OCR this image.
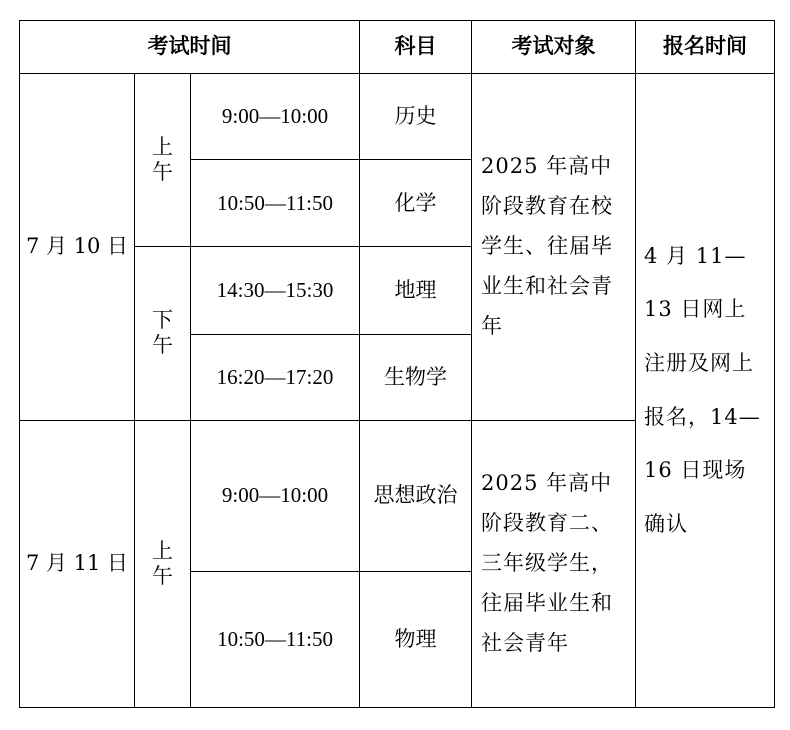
考试时间			科目	考试对象	报名时间
7 月 10 日	上午	9:00—10:00	历史	2025 年高中阶段教育在校学生、往届毕业生和社会青年	4 月 11—13 日网上注册及网上报名，14—16 日现场确认
		10:50—11:50	化学		
	下午	14:30—15:30	地理		
		16:20—17:20	生物学		
7 月 11 日	上午	9:00—10:00	思想政治	2025 年高中阶段教育二、三年级学生，往届毕业生和社会青年	
		10:50—11:50	物理		
